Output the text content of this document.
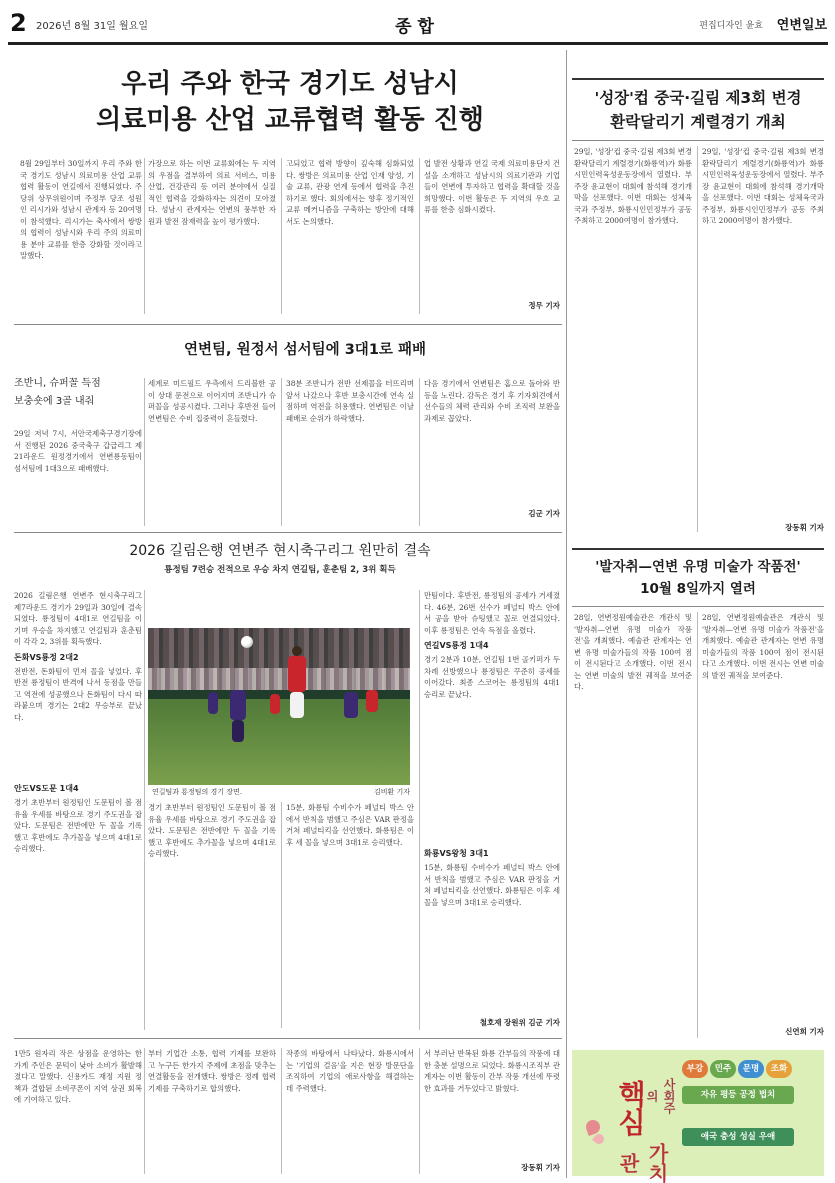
2 2026년 8월 31일 월요일	종합	편집디자인 윤효 연변일보
우리 주와 한국 경기도 성남시
의료미용 산업 교류협력 활동 진행
8월 29일부터 30일까지 우리 주와 한국 경기도 성남시 의료미용 산업 교류협력 활동이 연길에서 진행되였다. 주당위 상무위원이며 주정부 당조 성원인 리시가와 성남시 관계자 등 20여명이 참석했다. 리시가는 축사에서 쌍방의 협력이 성남시와 우리 주의 의료미용 분야 교류를 한층 강화할 것이라고 말했다.
가장으로 하는 이번 교류회에는 두 지역의 우점을 결부하여 의료 서비스, 미용산업, 건강관리 등 여러 분야에서 실질적인 협력을 강화하자는 의견이 모아졌다. 성남시 관계자는 연변의 풍부한 자원과 발전 잠재력을 높이 평가했다.
고되었고 협력 방향이 깊숙해 심화되었다. 쌍방은 의료미용 산업 인재 양성, 기술 교류, 관광 연계 등에서 협력을 추진하기로 했다. 회의에서는 향후 정기적인 교류 메커니즘을 구축하는 방안에 대해서도 논의했다.
업 발전 상황과 연길 국제 의료미용단지 건설을 소개하고 성남시의 의료기관과 기업들이 연변에 투자하고 협력을 확대할 것을 희망했다. 이번 활동은 두 지역의 우호 교류를 한층 심화시켰다.
정무 기자
연변팀, 원정서 섬서팀에 3대1로 패배
조반니, 슈퍼꼴 득점
보충숏에 3골 내줘
29일 저녁 7시, 서안국제축구경기장에서 진행된 2026 중국축구 갑급리그 제21라운드 원정경기에서 연변룡동팀이 섬서팀에 1대3으로 패배했다.
세계로 미드필드 우측에서 드리블한 공이 상대 문전으로 이어지며 조반니가 슈퍼꼴을 성공시켰다. 그러나 후반전 들어 연변팀은 수비 집중력이 흔들렸다.
38분 조반니가 전반 선제꼴을 터뜨리며 앞서 나갔으나 후반 보충시간에 연속 실점하며 역전을 허용했다. 연변팀은 이날 패배로 순위가 하락했다.
다음 경기에서 연변팀은 홈으로 돌아와 반등을 노린다. 감독은 경기 후 기자회견에서 선수들의 체력 관리와 수비 조직력 보완을 과제로 꼽았다.
김군 기자
2026 길림은행 연변주 현시축구리그 원만히 결속
룡정팀 7련승 전적으로 우승 차지 연길팀, 훈춘팀 2, 3위 획득
2026 길림은행 연변주 현시축구리그 제7라운드 경기가 29일과 30일에 결속되였다. 룡정팀이 4대1로 연길팀을 이기며 우승을 차지했고 연길팀과 훈춘팀이 각각 2, 3위를 획득했다.
돈화VS룡정 2대2
전반전, 돈화팀이 먼저 꼴을 넣었다. 후반전 룡정팀이 반격에 나서 동점을 만들고 역전에 성공했으나 돈화팀이 다시 따라붙으며 경기는 2대2 무승부로 끝났다.
안도VS도문 1대4
경기 초반부터 원정팀인 도문팀이 볼 점유율 우세를 바탕으로 경기 주도권을 잡았다. 도문팀은 전반에만 두 꼴을 기록했고 후반에도 추가꼴을 넣으며 4대1로 승리했다.
연길팀과 룡정팀의 경기 장면.	김비환 기자
경기 초반부터 원정팀인 도문팀이 볼 점유율 우세를 바탕으로 경기 주도권을 잡았다. 도문팀은 전반에만 두 꼴을 기록했고 후반에도 추가꼴을 넣으며 4대1로 승리했다.
15분, 화룡팀 수비수가 페널티 박스 안에서 반칙을 범했고 주심은 VAR 판정을 거쳐 페널티킥을 선언했다. 화룡팀은 이후 세 꼴을 넣으며 3대1로 승리했다.
만팀이다. 후반전, 룡정팀의 공세가 거세졌다. 46분, 26번 선수가 페널티 박스 안에서 공을 받아 슈팅했고 꼴로 연결되었다. 이후 룡정팀은 연속 득점을 올렸다.
연길VS룡정 1대4
경기 2분과 10분, 연길팀 1번 골키퍼가 두 차례 선방했으나 룡정팀은 꾸준히 공세를 이어갔다. 최종 스코어는 룡정팀의 4대1 승리로 끝났다.
화룡VS왕청 3대1
15분, 화룡팀 수비수가 페널티 박스 안에서 반칙을 범했고 주심은 VAR 판정을 거쳐 페널티킥을 선언했다. 화룡팀은 이후 세 꼴을 넣으며 3대1로 승리했다.
철호재 장원위 김군 기자
1만5 원자리 작은 상점을 운영하는 한 가게 주인은 문턱이 낮아 소비가 활발해졌다고 말했다. 신용카드 재정 지원 정책과 결합된 소비쿠폰이 지역 상권 회복에 기여하고 있다.
부터 기업간 소통, 협력 기제를 보완하고 누구든 한가지 주제에 초점을 맞추는 연결활동을 전개했다. 쌍방은 정례 협력 기제를 구축하기로 합의했다.
작종의 바탕에서 나타났다. 화룡시에서는 '기업의 걸음'을 지은 현장 방문단을 조직하여 기업의 애로사항을 해결하는 데 주력했다.
서 부러난 반복된 화룡 간부들의 작풍에 대한 충분 설명으로 되었다. 화룡시조직부 관계자는 이번 활동이 간부 작풍 개선에 뚜렷한 효과를 거두었다고 밝혔다.
장동휘 기자
'성장'컵 중국·길림 제3회 변경
환락달리기 계렬경기 개최
29일, '성장'컵 중국·길림 제3회 변경 환락달리기 계렬경기(화룡역)가 화룡시민인력육성운동장에서 열렸다. 부주장 윤교현이 대회에 참석해 경기개막을 선포했다. 이번 대회는 성체육국과 주정부, 화룡시인민정부가 공동 주최하고 2000여명이 참가했다.
29일, '성장'컵 중국·길림 제3회 변경 환락달리기 계렬경기(화룡역)가 화룡시민인력육성운동장에서 열렸다. 부주장 윤교현이 대회에 참석해 경기개막을 선포했다. 이번 대회는 성체육국과 주정부, 화룡시인민정부가 공동 주최하고 2000여명이 참가했다.
장동휘 기자
'발자취—연변 유명 미술가 작품전'
10월 8일까지 열려
28일, 연변정원예술관은 개관식 및 '발자취—연변 유명 미술가 작품전'을 개최했다. 예술관 관계자는 연변 유명 미술가들의 작품 100여 점이 전시된다고 소개했다. 이번 전시는 연변 미술의 발전 궤적을 보여준다.
28일, 연변정원예술관은 개관식 및 '발자취—연변 유명 미술가 작품전'을 개최했다. 예술관 관계자는 연변 유명 미술가들의 작품 100여 점이 전시된다고 소개했다. 이번 전시는 연변 미술의 발전 궤적을 보여준다.
신연희 기자
사회주의
핵심
가치관
부강	민주	문명	조화
자유 평등 공정 법치
애국 충성 성실 우애
